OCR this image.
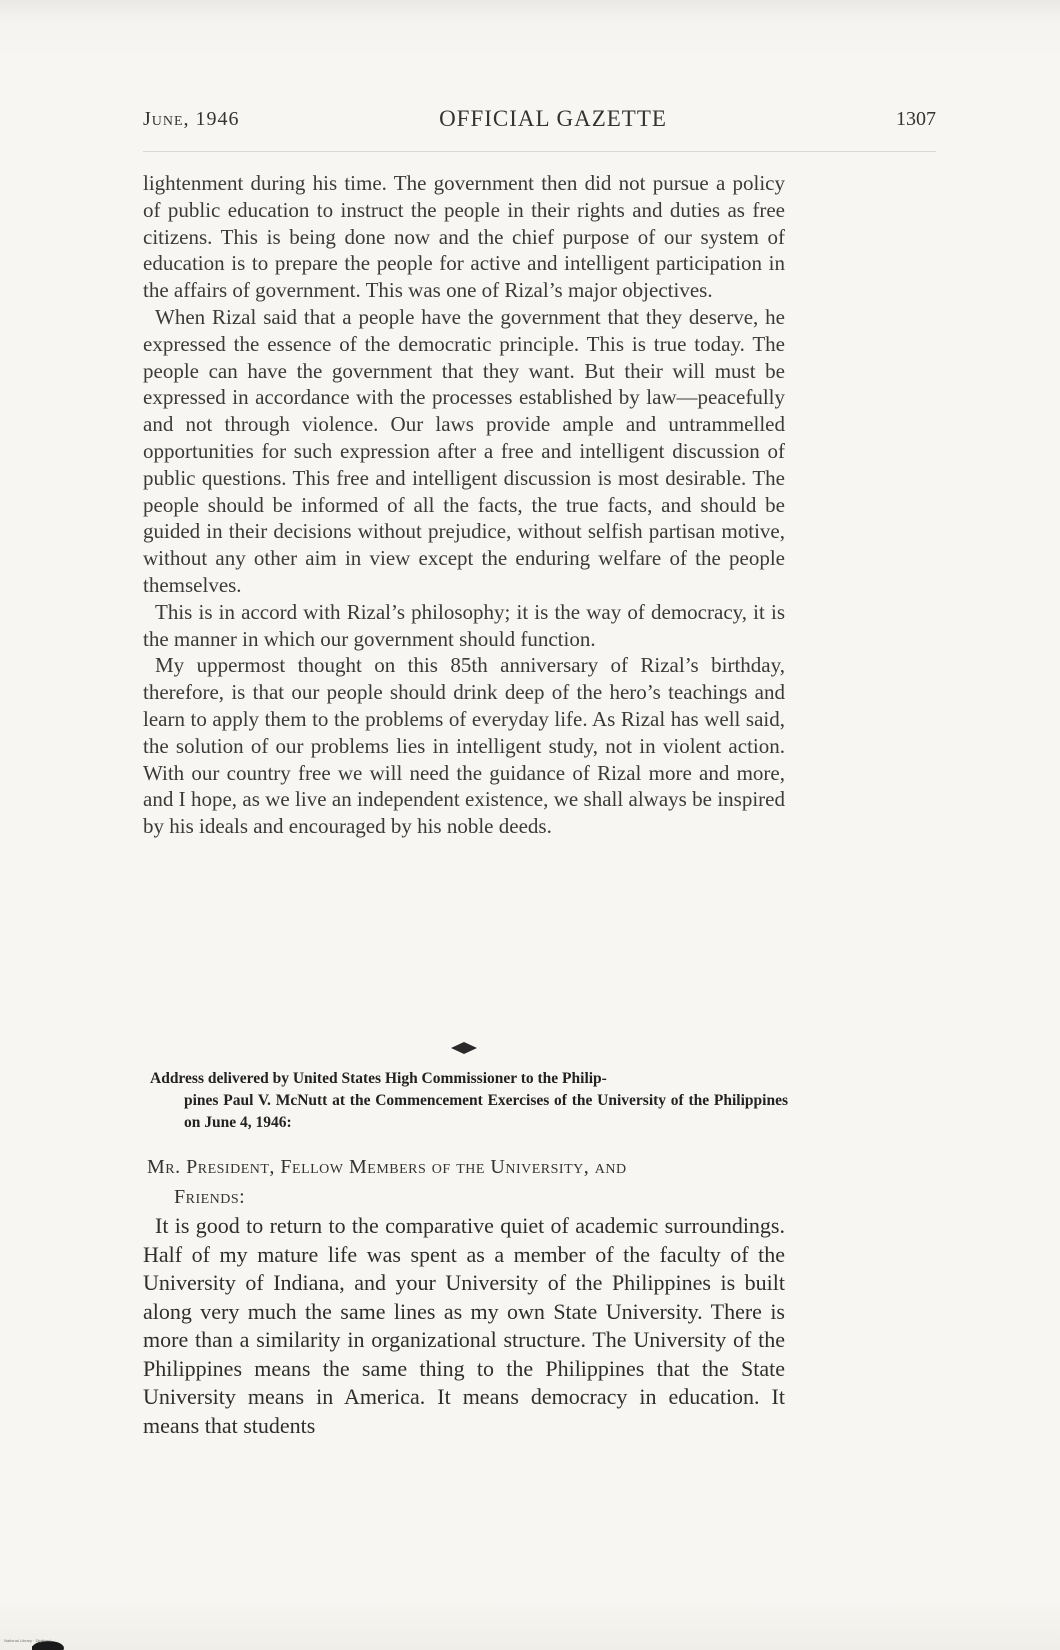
June, 1946	OFFICIAL GAZETTE	1307

lightenment during his time. The government then did not pursue a policy of public education to instruct the people in their rights and duties as free citizens. This is being done now and the chief purpose of our system of education is to prepare the people for active and intelligent participation in the affairs of government. This was one of Rizal’s major objectives.

When Rizal said that a people have the government that they deserve, he expressed the essence of the democratic principle. This is true today. The people can have the government that they want. But their will must be expressed in accordance with the processes established by law—peacefully and not through violence. Our laws provide ample and untrammelled opportunities for such expression after a free and intelligent discussion of public questions. This free and intelligent discussion is most desirable. The people should be informed of all the facts, the true facts, and should be guided in their decisions without prejudice, without selfish partisan motive, without any other aim in view except the enduring welfare of the people themselves.

This is in accord with Rizal’s philosophy; it is the way of democracy, it is the manner in which our government should function.

My uppermost thought on this 85th anniversary of Rizal’s birthday, therefore, is that our people should drink deep of the hero’s teachings and learn to apply them to the problems of everyday life. As Rizal has well said, the solution of our problems lies in intelligent study, not in violent action. With our country free we will need the guidance of Rizal more and more, and I hope, as we live an independent existence, we shall always be inspired by his ideals and encouraged by his noble deeds.

Address delivered by United States High Commissioner to the Philip-
pines Paul V. McNutt at the Commencement Exercises of the University of the Philippines on June 4, 1946:
Mr. President, Fellow Members of the University, and
Friends:

It is good to return to the comparative quiet of academic surroundings. Half of my mature life was spent as a member of the faculty of the University of Indiana, and your University of the Philippines is built along very much the same lines as my own State University. There is more than a similarity in organizational structure. The University of the Philippines means the same thing to the Philippines that the State University means in America. It means democracy in education. It means that students

National Library · Digitized
